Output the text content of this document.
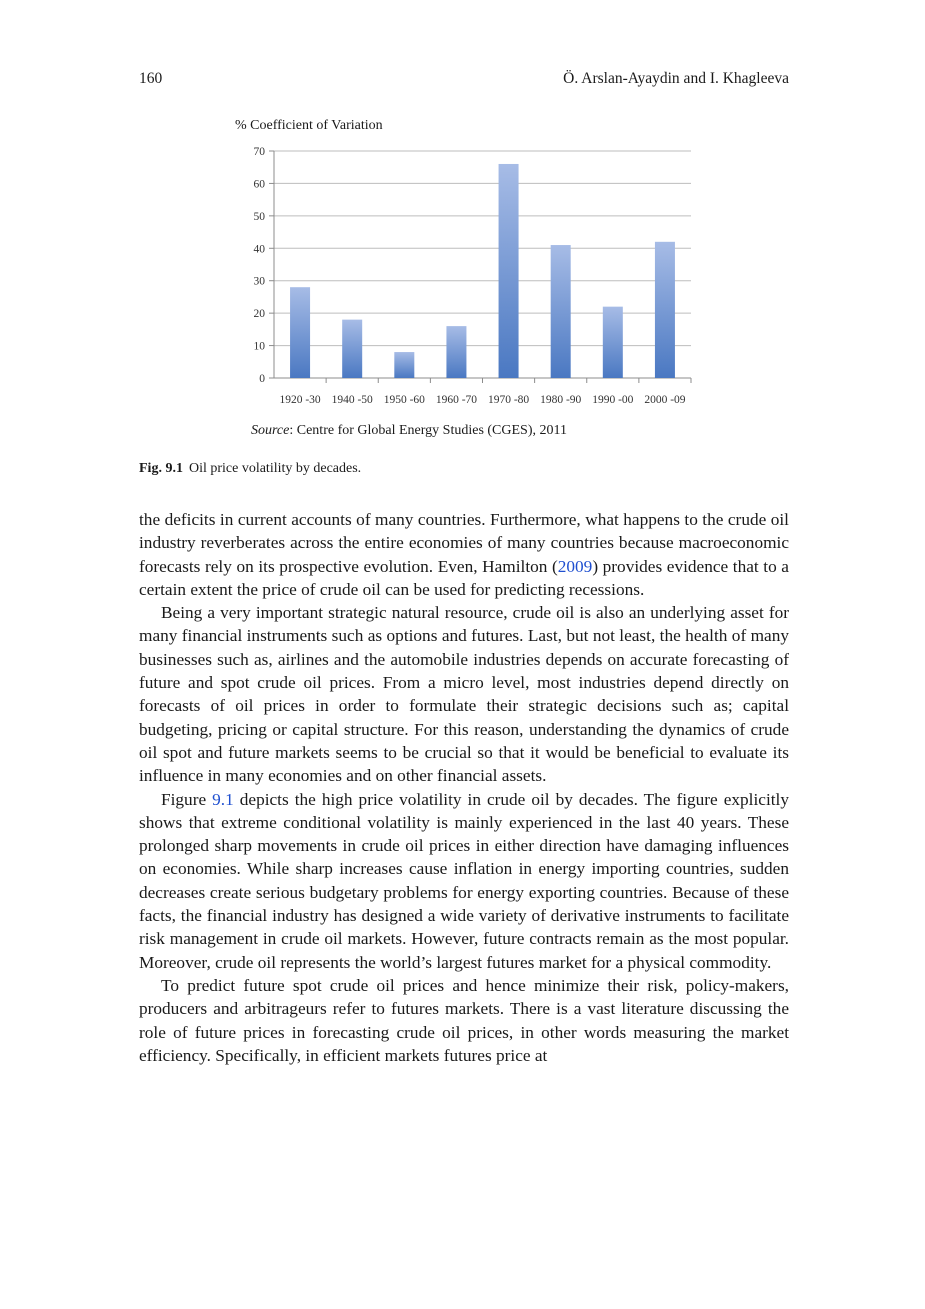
160	Ö. Arslan-Ayaydin and I. Khagleeva
% Coefficient of Variation
0
10
20
30
40
50
60
70
1920 -30 1940 -50 1950 -60 1960 -70 1970 -80 1980 -90 1990 -00 2000 -09
Source: Centre for Global Energy Studies (CGES), 2011
Fig. 9.1 Oil price volatility by decades.

the deficits in current accounts of many countries. Furthermore, what happens to the crude oil industry reverberates across the entire economies of many countries because macroeconomic forecasts rely on its prospective evolution. Even, Hamilton (2009) provides evidence that to a certain extent the price of crude oil can be used for predicting recessions.

Being a very important strategic natural resource, crude oil is also an underlying asset for many financial instruments such as options and futures. Last, but not least, the health of many businesses such as, airlines and the automobile industries depends on accurate forecasting of future and spot crude oil prices. From a micro level, most industries depend directly on forecasts of oil prices in order to formulate their strategic decisions such as; capital budgeting, pricing or capital structure. For this reason, understanding the dynamics of crude oil spot and future markets seems to be crucial so that it would be beneficial to evaluate its influence in many economies and on other financial assets.

Figure 9.1 depicts the high price volatility in crude oil by decades. The figure explicitly shows that extreme conditional volatility is mainly experienced in the last 40 years. These prolonged sharp movements in crude oil prices in either direction have damaging influences on economies. While sharp increases cause inflation in energy importing countries, sudden decreases create serious budgetary problems for energy exporting countries. Because of these facts, the financial industry has designed a wide variety of derivative instruments to facilitate risk management in crude oil markets. However, future contracts remain as the most popular. Moreover, crude oil represents the world’s largest futures market for a physical commodity.

To predict future spot crude oil prices and hence minimize their risk, policy-makers, producers and arbitrageurs refer to futures markets. There is a vast literature discussing the role of future prices in forecasting crude oil prices, in other words measuring the market efficiency. Specifically, in efficient markets futures price at
